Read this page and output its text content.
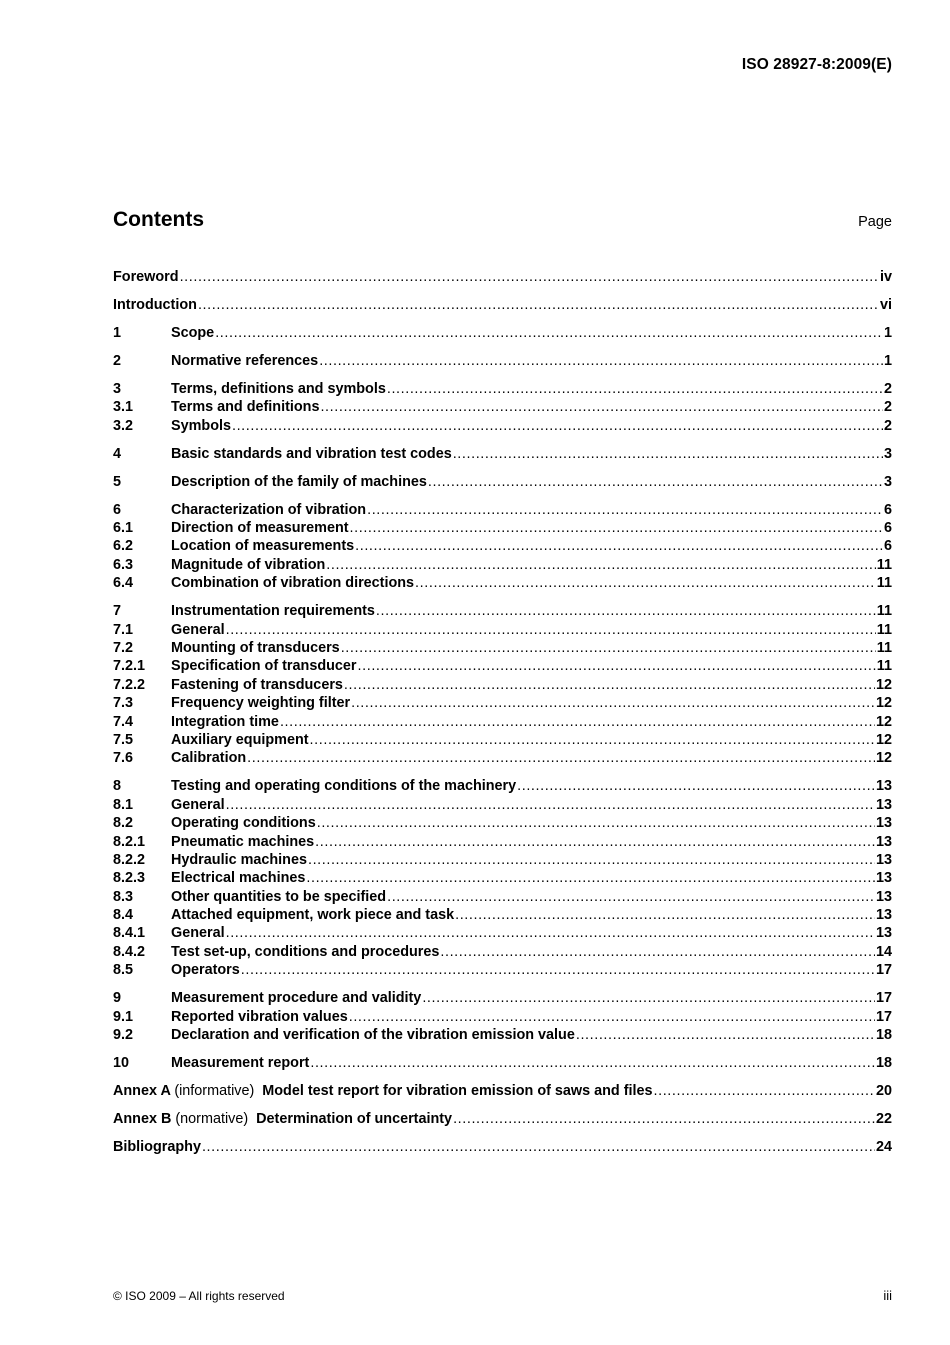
ISO 28927-8:2009(E)
Contents	Page
Foreword .....	iv
Introduction .....	vi
1	Scope .....	1
2	Normative references .....	1
3	Terms, definitions and symbols .....	2
3.1	Terms and definitions .....	2
3.2	Symbols .....	2
4	Basic standards and vibration test codes .....	3
5	Description of the family of machines .....	3
6	Characterization of vibration .....	6
6.1	Direction of measurement .....	6
6.2	Location of measurements .....	6
6.3	Magnitude of vibration .....	11
6.4	Combination of vibration directions .....	11
7	Instrumentation requirements .....	11
7.1	General .....	11
7.2	Mounting of transducers .....	11
7.2.1	Specification of transducer .....	11
7.2.2	Fastening of transducers .....	12
7.3	Frequency weighting filter .....	12
7.4	Integration time .....	12
7.5	Auxiliary equipment .....	12
7.6	Calibration .....	12
8	Testing and operating conditions of the machinery .....	13
8.1	General .....	13
8.2	Operating conditions .....	13
8.2.1	Pneumatic machines .....	13
8.2.2	Hydraulic machines .....	13
8.2.3	Electrical machines .....	13
8.3	Other quantities to be specified .....	13
8.4	Attached equipment, work piece and task .....	13
8.4.1	General .....	13
8.4.2	Test set-up, conditions and procedures .....	14
8.5	Operators .....	17
9	Measurement procedure and validity .....	17
9.1	Reported vibration values .....	17
9.2	Declaration and verification of the vibration emission value .....	18
10	Measurement report .....	18
Annex A (informative) Model test report for vibration emission of saws and files .....	20
Annex B (normative) Determination of uncertainty .....	22
Bibliography .....	24
© ISO 2009 – All rights reserved	iii
